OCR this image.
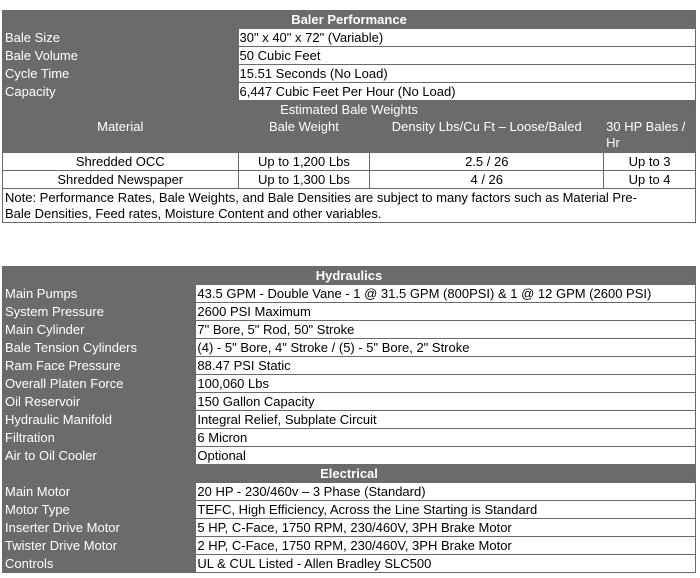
Baler Performance			
Bale Size	30" x 40" x 72" (Variable)		
Bale Volume	50 Cubic Feet		
Cycle Time	15.51 Seconds (No Load)		
Capacity	6,447 Cubic Feet Per Hour (No Load)		
Estimated Bale Weights			
Material	Bale Weight	Density Lbs/Cu Ft – Loose/Baled	30 HP Bales / Hr
Shredded OCC	Up to 1,200 Lbs	2.5 / 26	Up to 3
Shredded Newspaper	Up to 1,300 Lbs	4 / 26	Up to 4
Note: Performance Rates, Bale Weights, and Bale Densities are subject to many factors such as Material Pre-Bale Densities, Feed rates, Moisture Content and other variables.			
Hydraulics	
Main Pumps	43.5 GPM - Double Vane - 1 @ 31.5 GPM (800PSI) & 1 @ 12 GPM (2600 PSI)
System Pressure	2600 PSI Maximum
Main Cylinder	7" Bore, 5" Rod, 50" Stroke
Bale Tension Cylinders	(4) - 5" Bore, 4" Stroke / (5) - 5" Bore, 2" Stroke
Ram Face Pressure	88.47 PSI Static
Overall Platen Force	100,060 Lbs
Oil Reservoir	150 Gallon Capacity
Hydraulic Manifold	Integral Relief, Subplate Circuit
Filtration	6 Micron
Air to Oil Cooler	Optional
Electrical	
Main Motor	20 HP - 230/460v – 3 Phase (Standard)
Motor Type	TEFC, High Efficiency, Across the Line Starting is Standard
Inserter Drive Motor	5 HP, C-Face, 1750 RPM, 230/460V, 3PH Brake Motor
Twister Drive Motor	2 HP, C-Face, 1750 RPM, 230/460V, 3PH Brake Motor
Controls	UL & CUL Listed - Allen Bradley SLC500
